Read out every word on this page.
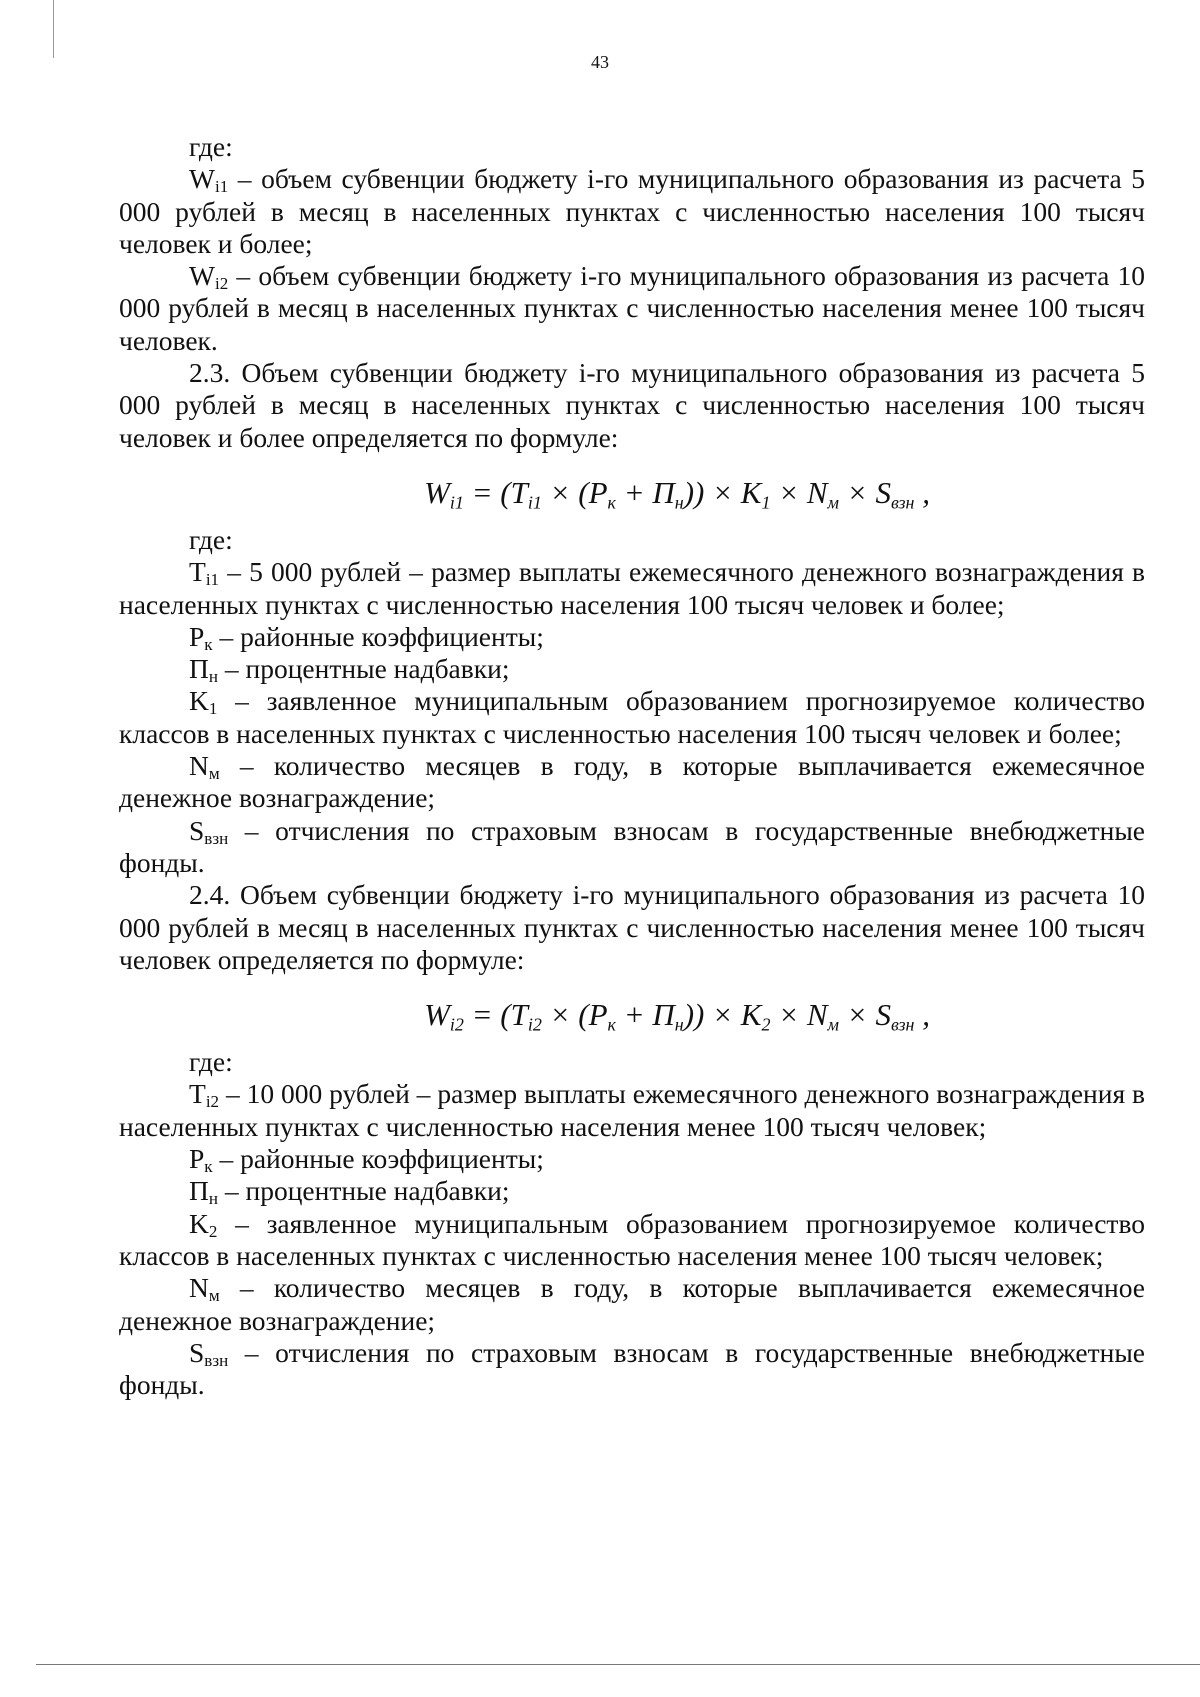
43

где:

$W_{i1}$ – объем субвенции бюджету i-го муниципального образования из расчета 5 000 рублей в месяц в населенных пунктах с численностью населения 100 тысяч человек и более;

$W_{i2}$ – объем субвенции бюджету i-го муниципального образования из расчета 10 000 рублей в месяц в населенных пунктах с численностью населения менее 100 тысяч человек.

2.3. Объем субвенции бюджету i-го муниципального образования из расчета 5 000 рублей в месяц в населенных пунктах с численностью населения 100 тысяч человек и более определяется по формуле:

$W_{i1} = (T_{i1} \times (P_к + П_н)) \times K_1 \times N_м \times S_{взн}$ ,

где:

$T_{i1} - 5$ 000 рублей – размер выплаты ежемесячного денежного вознаграждения в населенных пунктах с численностью населения 100 тысяч человек и более;

$P_к$ – районные коэффициенты;

$П_н$ – процентные надбавки;

$K_1$ – заявленное муниципальным образованием прогнозируемое количество классов в населенных пунктах с численностью населения 100 тысяч человек и более;

$N_м$ – количество месяцев в году, в которые выплачивается ежемесячное денежное вознаграждение;

$S_{взн}$ – отчисления по страховым взносам в государственные внебюджетные фонды.

2.4. Объем субвенции бюджету i-го муниципального образования из расчета 10 000 рублей в месяц в населенных пунктах с численностью населения менее 100 тысяч человек определяется по формуле:

$W_{i2} = (T_{i2} \times (P_к + П_н)) \times K_2 \times N_м \times S_{взн}$ ,

где:

$T_{i2} - 10$ 000 рублей – размер выплаты ежемесячного денежного вознаграждения в населенных пунктах с численностью населения менее 100 тысяч человек;

$P_к$ – районные коэффициенты;

$П_н$ – процентные надбавки;

$K_2$ – заявленное муниципальным образованием прогнозируемое количество классов в населенных пунктах с численностью населения менее 100 тысяч человек;

$N_м$ – количество месяцев в году, в которые выплачивается ежемесячное денежное вознаграждение;

$S_{взн}$ – отчисления по страховым взносам в государственные внебюджетные фонды.
